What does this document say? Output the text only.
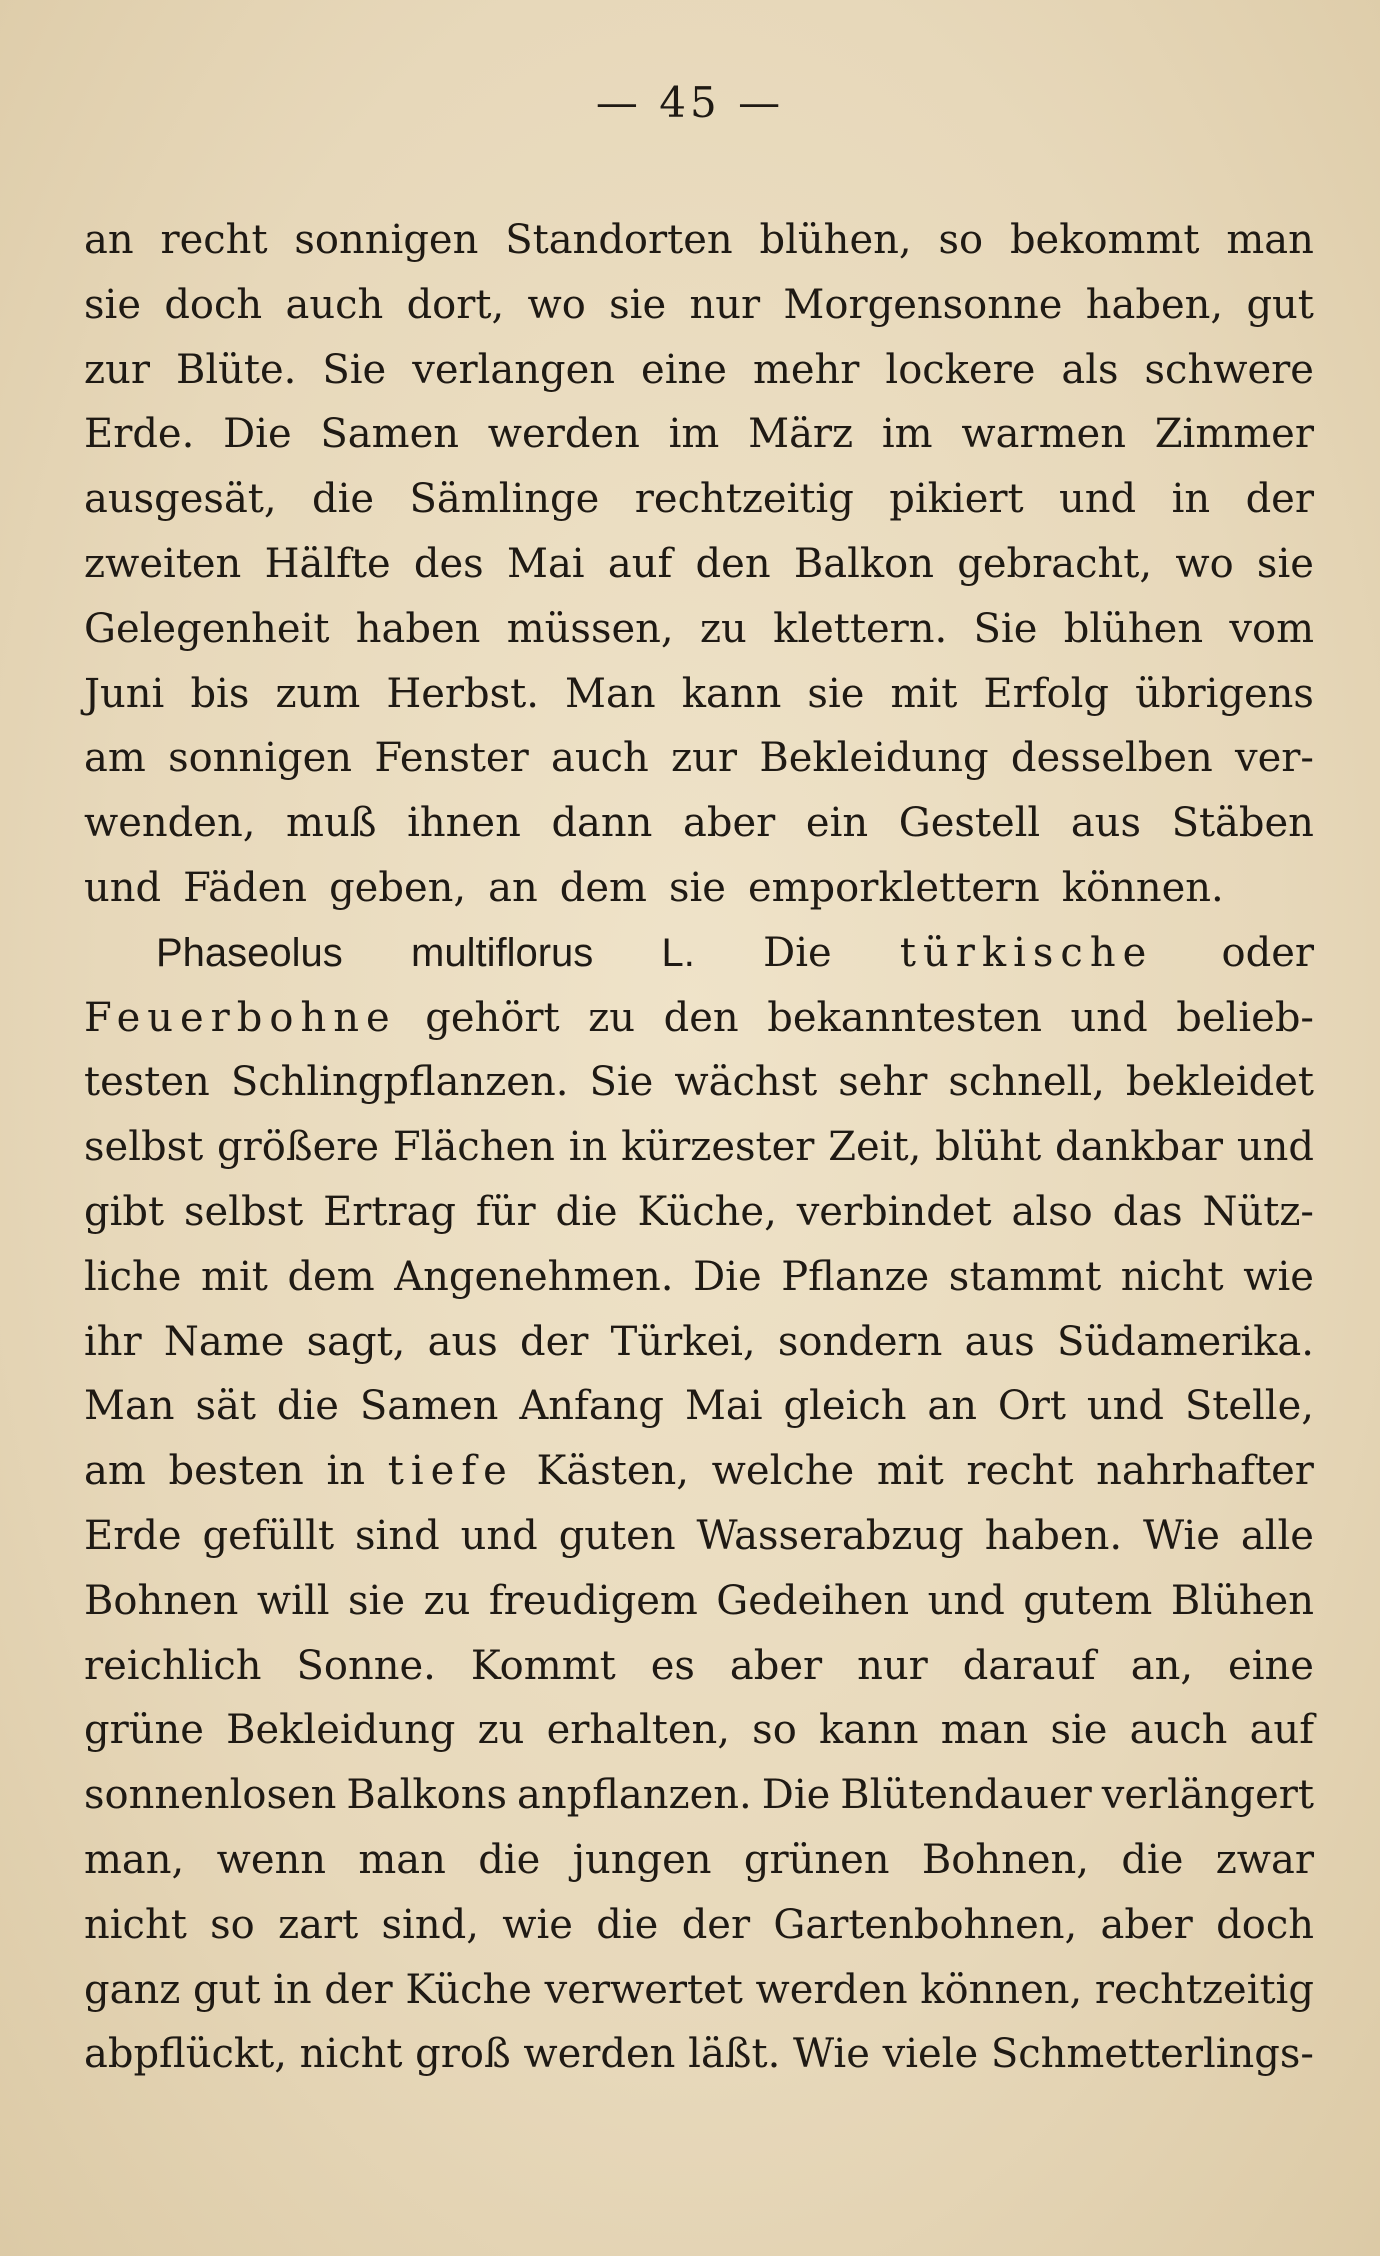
— 45 —
an recht sonnigen Standorten blühen, so bekommt man
sie doch auch dort, wo sie nur Morgensonne haben, gut
zur Blüte. Sie verlangen eine mehr lockere als schwere
Erde. Die Samen werden im März im warmen Zimmer
ausgesät, die Sämlinge rechtzeitig pikiert und in der
zweiten Hälfte des Mai auf den Balkon gebracht, wo sie
Gelegenheit haben müssen, zu klettern. Sie blühen vom
Juni bis zum Herbst. Man kann sie mit Erfolg übrigens
am sonnigen Fenster auch zur Bekleidung desselben ver-
wenden, muß ihnen dann aber ein Gestell aus Stäben
und Fäden geben, an dem sie emporklettern können.
Phaseolus multiflorus L. Die türkische oder
Feuerbohne gehört zu den bekanntesten und belieb-
testen Schlingpflanzen. Sie wächst sehr schnell, bekleidet
selbst größere Flächen in kürzester Zeit, blüht dankbar und
gibt selbst Ertrag für die Küche, verbindet also das Nütz-
liche mit dem Angenehmen. Die Pflanze stammt nicht wie
ihr Name sagt, aus der Türkei, sondern aus Südamerika.
Man sät die Samen Anfang Mai gleich an Ort und Stelle,
am besten in tiefe Kästen, welche mit recht nahrhafter
Erde gefüllt sind und guten Wasserabzug haben. Wie alle
Bohnen will sie zu freudigem Gedeihen und gutem Blühen
reichlich Sonne. Kommt es aber nur darauf an, eine
grüne Bekleidung zu erhalten, so kann man sie auch auf
sonnenlosen Balkons anpflanzen. Die Blütendauer verlängert
man, wenn man die jungen grünen Bohnen, die zwar
nicht so zart sind, wie die der Gartenbohnen, aber doch
ganz gut in der Küche verwertet werden können, rechtzeitig
abpflückt, nicht groß werden läßt. Wie viele Schmetterlings-
